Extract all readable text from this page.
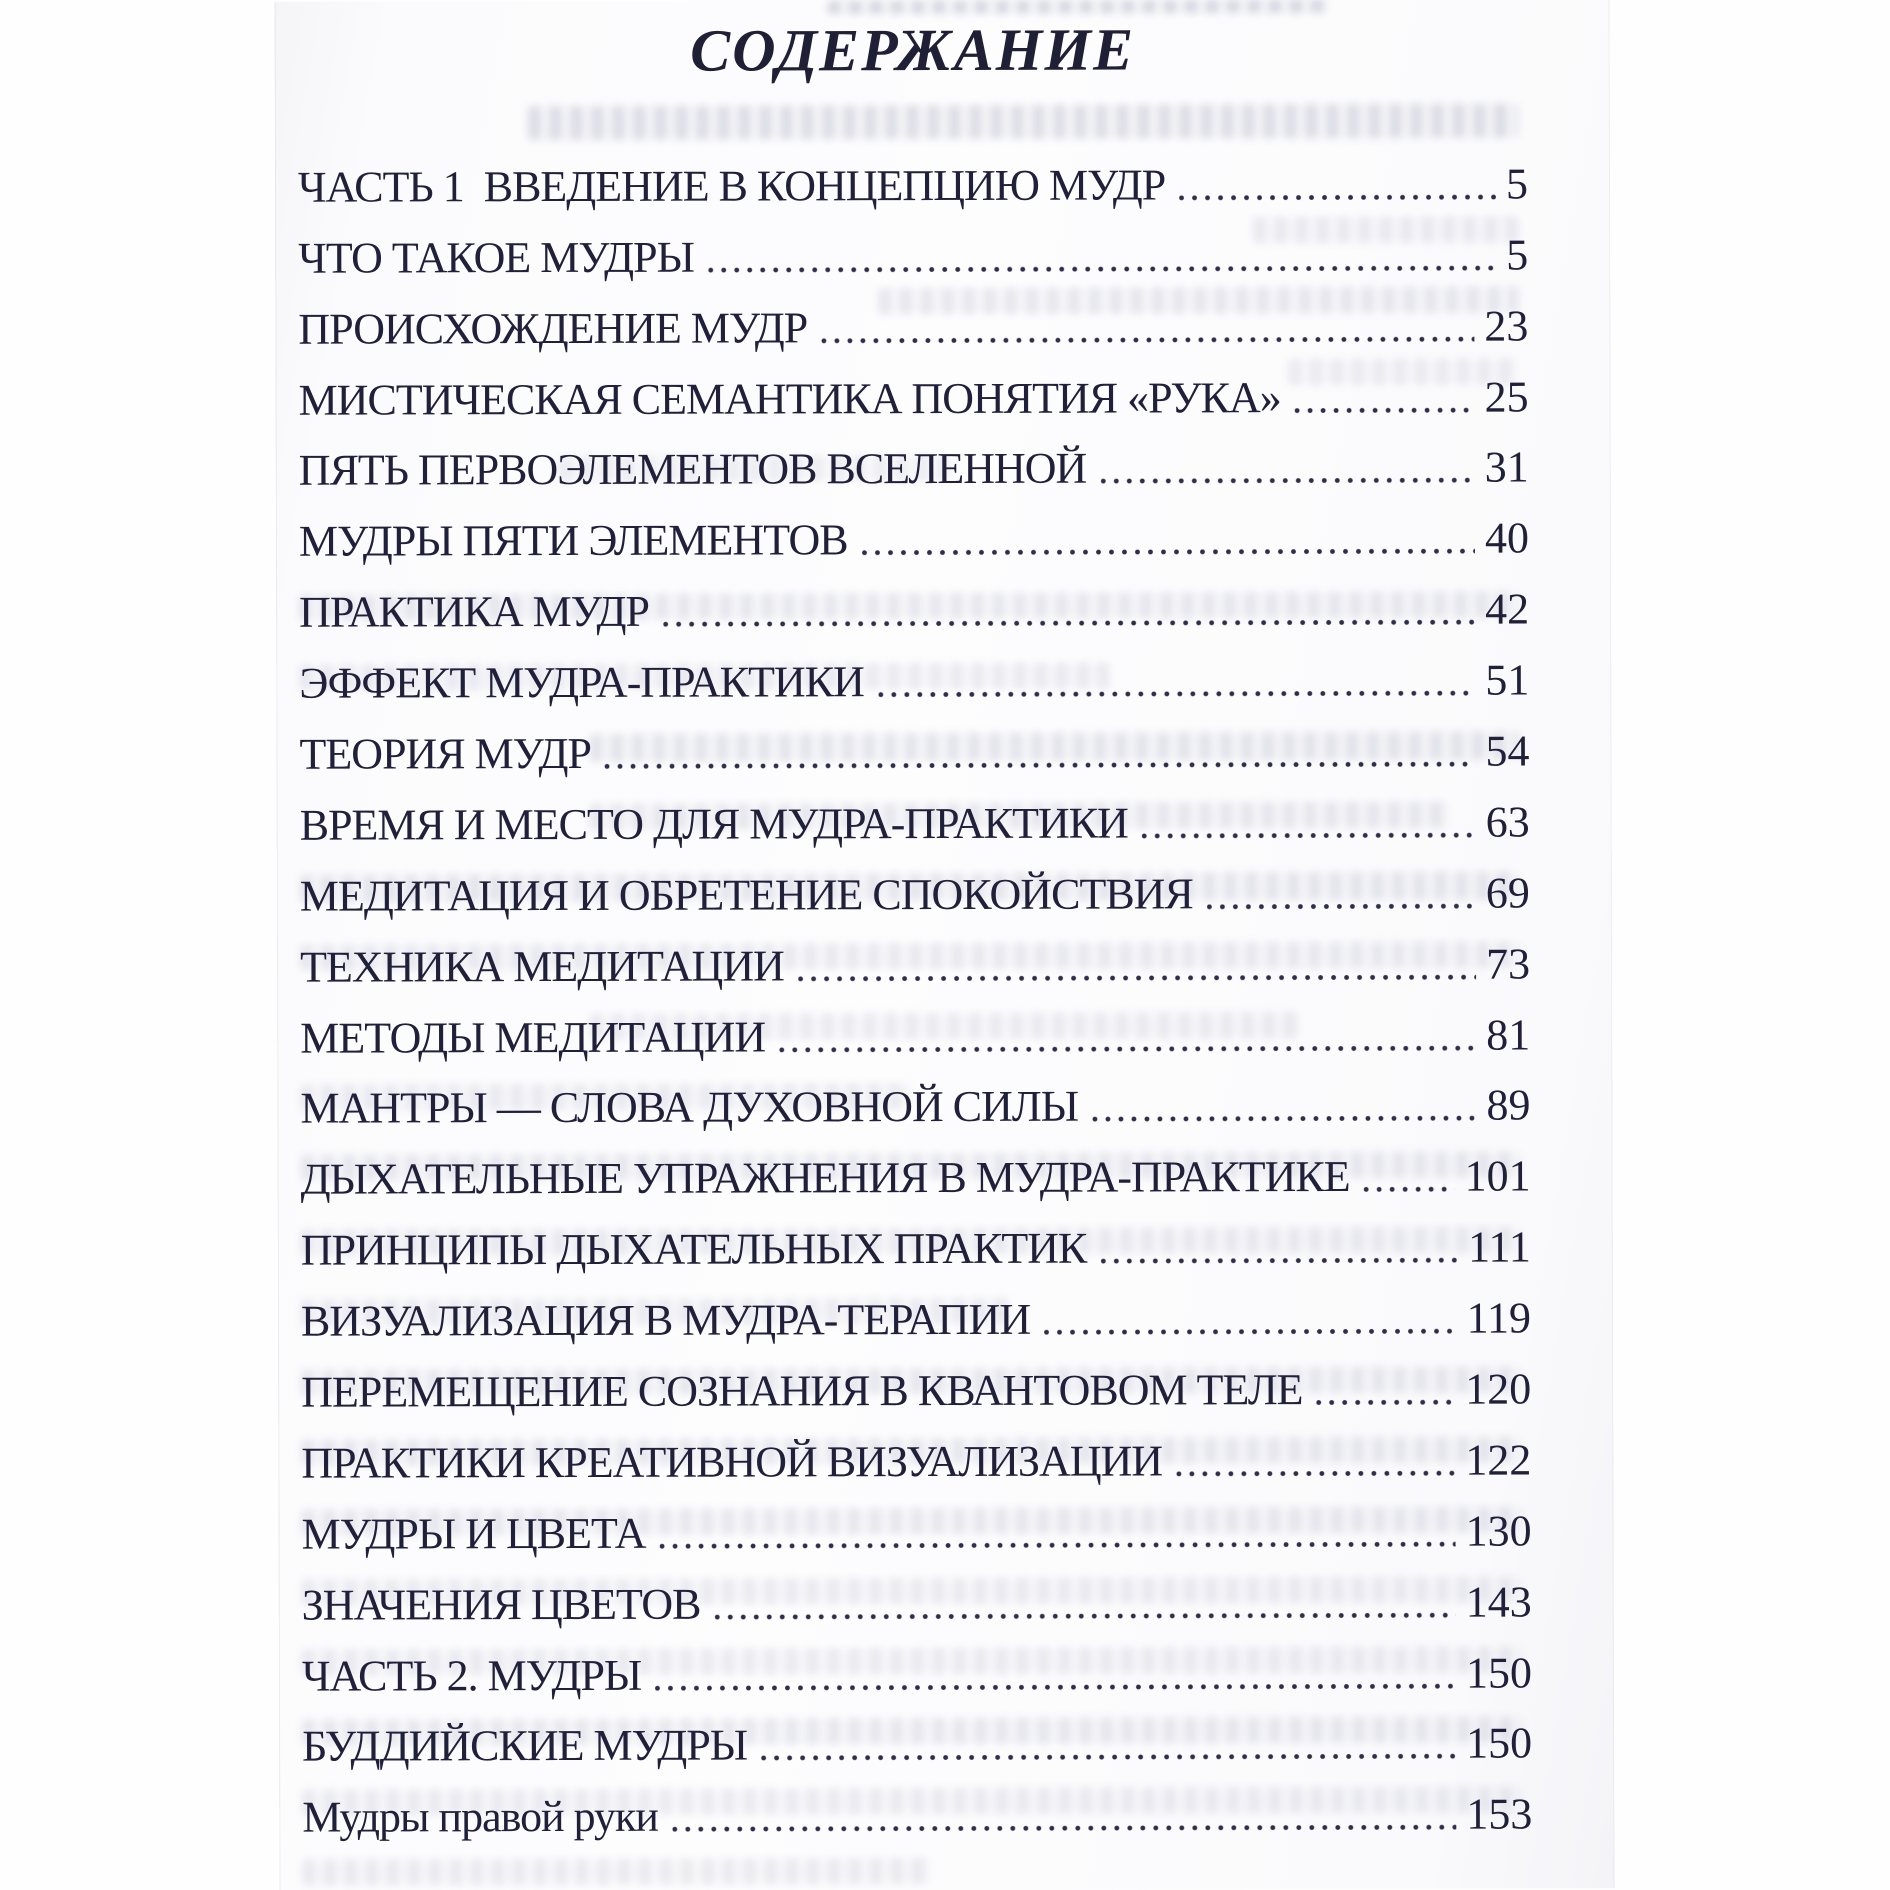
СОДЕРЖАНИЕ
ЧАСТЬ 1  ВВЕДЕНИЕ В КОНЦЕПЦИЮ МУДР	5
ЧТО ТАКОЕ МУДРЫ	5
ПРОИСХОЖДЕНИЕ МУДР	23
МИСТИЧЕСКАЯ СЕМАНТИКА ПОНЯТИЯ «РУКА»	25
ПЯТЬ ПЕРВОЭЛЕМЕНТОВ ВСЕЛЕННОЙ	31
МУДРЫ ПЯТИ ЭЛЕМЕНТОВ	40
ПРАКТИКА МУДР	42
ЭФФЕКТ МУДРА-ПРАКТИКИ	51
ТЕОРИЯ МУДР	54
ВРЕМЯ И МЕСТО ДЛЯ МУДРА-ПРАКТИКИ	63
МЕДИТАЦИЯ И ОБРЕТЕНИЕ СПОКОЙСТВИЯ	69
ТЕХНИКА МЕДИТАЦИИ	73
МЕТОДЫ МЕДИТАЦИИ	81
МАНТРЫ — СЛОВА ДУХОВНОЙ СИЛЫ	89
ДЫХАТЕЛЬНЫЕ УПРАЖНЕНИЯ В МУДРА-ПРАКТИКЕ	101
ПРИНЦИПЫ ДЫХАТЕЛЬНЫХ ПРАКТИК	111
ВИЗУАЛИЗАЦИЯ В МУДРА-ТЕРАПИИ	119
ПЕРЕМЕЩЕНИЕ СОЗНАНИЯ В КВАНТОВОМ ТЕЛЕ	120
ПРАКТИКИ КРЕАТИВНОЙ ВИЗУАЛИЗАЦИИ	122
МУДРЫ И ЦВЕТА	130
ЗНАЧЕНИЯ ЦВЕТОВ	143
ЧАСТЬ 2. МУДРЫ	150
БУДДИЙСКИЕ МУДРЫ	150
Мудры правой руки	153
